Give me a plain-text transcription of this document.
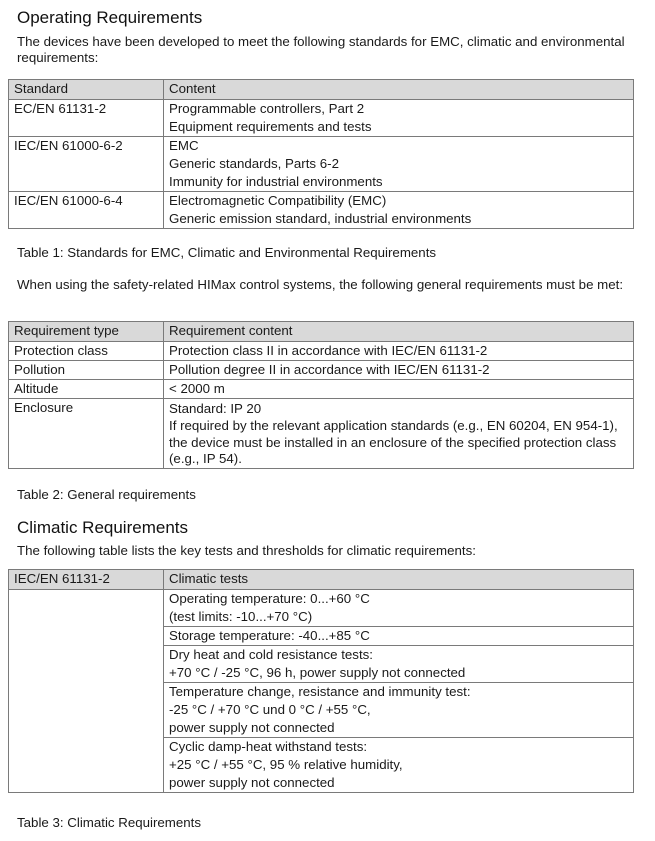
Operating Requirements

The devices have been developed to meet the following standards for EMC, climatic and environmental requirements:

Standard	Content
EC/EN 61131-2	Programmable controllers, Part 2
Equipment requirements and tests

IEC/EN 61000-6-2	EMC
Generic standards, Parts 6-2
Immunity for industrial environments

IEC/EN 61000-6-4	Electromagnetic Compatibility (EMC)
Generic emission standard, industrial environments

Table 1: Standards for EMC, Climatic and Environmental Requirements

When using the safety-related HIMax control systems, the following general requirements must be met:

Requirement type	Requirement content
Protection class	Protection class II in accordance with IEC/EN 61131-2
Pollution	Pollution degree II in accordance with IEC/EN 61131-2
Altitude	< 2000 m
Enclosure	Standard: IP 20
If required by the relevant application standards (e.g., EN 60204, EN 954-1), the device must be installed in an enclosure of the specified protection class (e.g., IP 54).

Table 2: General requirements

Climatic Requirements

The following table lists the key tests and thresholds for climatic requirements:

IEC/EN 61131-2	Climatic tests

	Operating temperature: 0...+60 °C
(test limits: -10...+70 °C)

	Storage temperature: -40...+85 °C

	Dry heat and cold resistance tests:
+70 °C / -25 °C, 96 h, power supply not connected

	Temperature change, resistance and immunity test:
-25 °C / +70 °C und 0 °C / +55 °C,
power supply not connected

	Cyclic damp-heat withstand tests:
+25 °C / +55 °C, 95 % relative humidity,
power supply not connected

Table 3: Climatic Requirements
